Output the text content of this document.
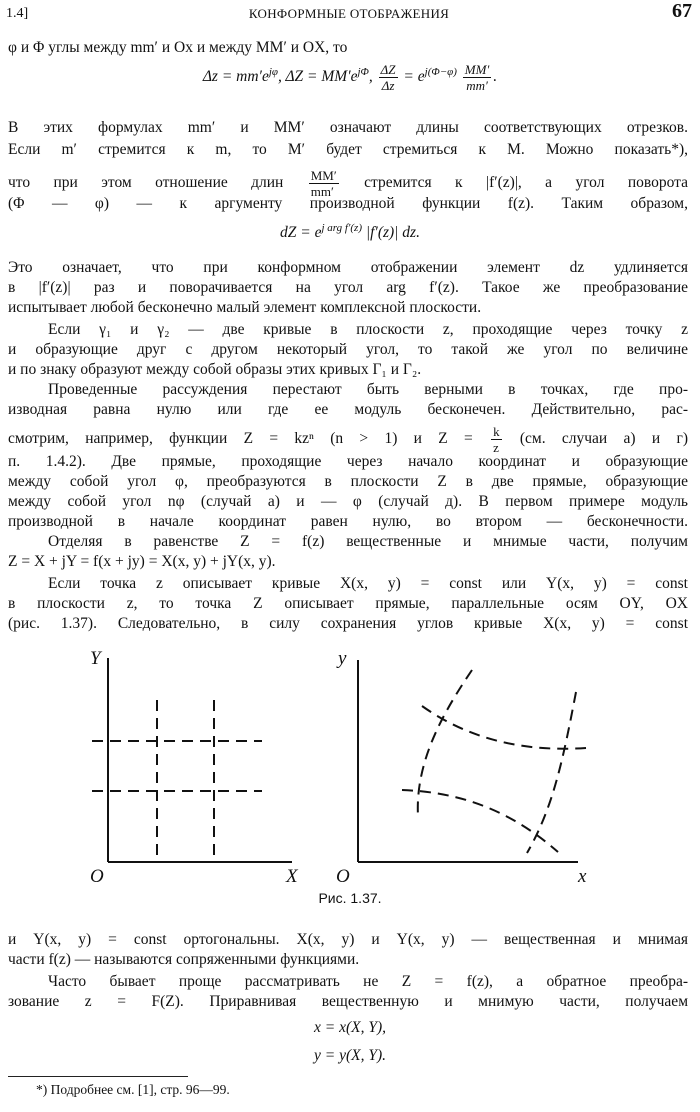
1.4]	КОНФОРМНЫЕ ОТОБРАЖЕНИЯ	67
φ и Φ углы между mm′ и Ox и между MM′ и OX, то
$\Delta z = mm'e^{j\varphi}$, $\Delta Z = MM'e^{j\Phi}$, $\frac{\Delta Z}{\Delta z} = e^{j(\Phi-\varphi)} \frac{MM'}{mm'}$ .
В этих формулах mm′ и MM′ означают длины соответствующих отрезков.
Если m′ стремится к m, то M′ будет стремиться к M. Можно показать*),
что при этом отношение длин $\frac{MM'}{mm'}$ стремится к |f′(z)|, а угол поворота
(Φ — φ) — к аргументу производной функции f(z). Таким образом,
dZ = $e^{j arg f'(z)}$ |f′(z)| dz.
Это означает, что при конформном отображении элемент dz удлиняется
в |f′(z)| раз и поворачивается на угол arg f′(z). Такое же преобразование
испытывает любой бесконечно малый элемент комплексной плоскости.
Если γ₁ и γ₂ — две кривые в плоскости z, проходящие через точку z
и образующие друг с другом некоторый угол, то такой же угол по величине
и по знаку образуют между собой образы этих кривых Γ₁ и Γ₂.
Проведенные рассуждения перестают быть верными в точках, где про-
изводная равна нулю или где ее модуль бесконечен. Действительно, рас-
смотрим, например, функции Z = kzⁿ (n > 1) и $Z = \frac{k}{z} (см$. случаи а) и г)
п. 1.4.2). Две прямые, проходящие через начало координат и образующие
между собой угол φ, преобразуются в плоскости Z в две прямые, образующие
между собой угол nφ (случай а) и — φ (случай д). В первом примере модуль
производной в начале координат равен нулю, во втором — бесконечности.
Отделяя в равенстве Z = f(z) вещественные и мнимые части, получим
Z = X + jY = f(x + jy) = X(x, y) + jY(x, y).
Если точка z описывает кривые X(x, y) = const или Y(x, y) = const
в плоскости z, то точка Z описывает прямые, параллельные осям OY, OX
(рис. 1.37). Следовательно, в силу сохранения углов кривые X(x, y) = const
Y
X
O
y
x
O
Рис. 1.37.
и Y(x, y) = const ортогональны. X(x, y) и Y(x, y) — вещественная и мнимая
части f(z) — называются сопряженными функциями.
Часто бывает проще рассматривать не Z = f(z), а обратное преобра-
зование z = F(Z). Приравнивая вещественную и мнимую части, получаем
x = x(X, Y),
y = y(X, Y).
*) Подробнее см. [1], стр. 96—99.
